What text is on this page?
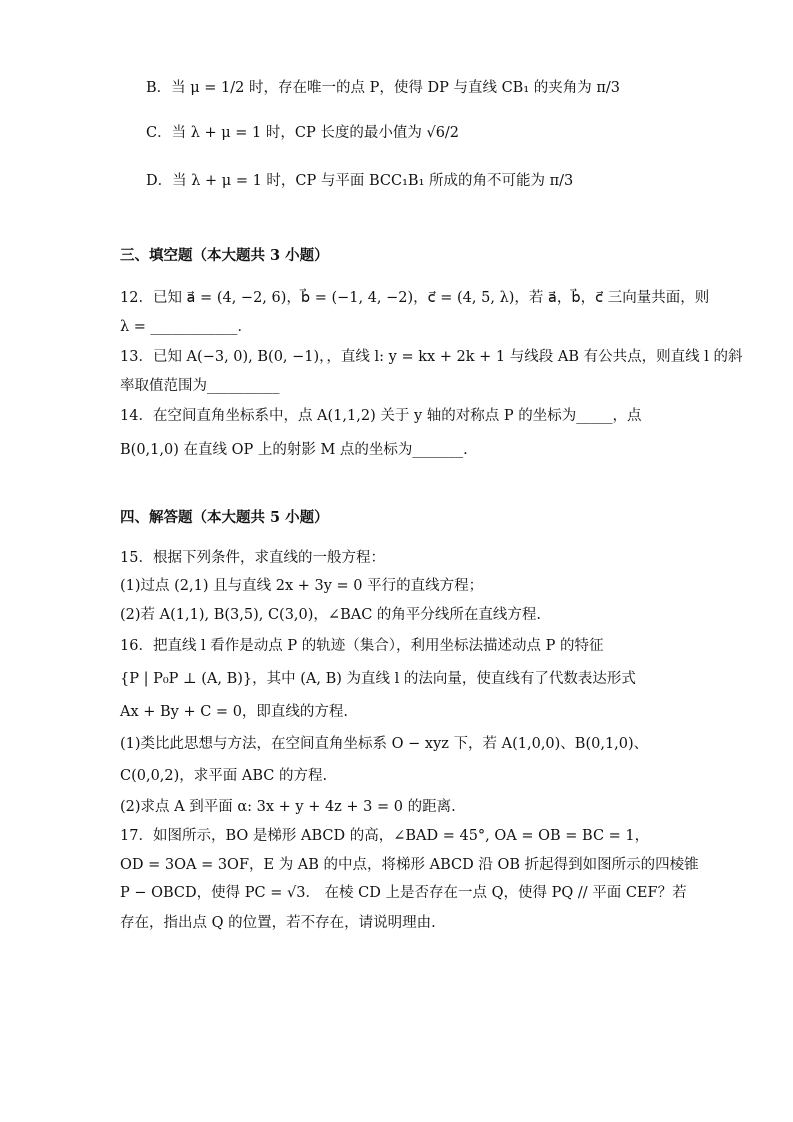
B．当 μ = 1/2 时，存在唯一的点 P，使得 DP 与直线 CB₁ 的夹角为 π/3
C．当 λ + μ = 1 时，CP 长度的最小值为 √6/2
D．当 λ + μ = 1 时，CP 与平面 BCC₁B₁ 所成的角不可能为 π/3
三、填空题（本大题共 3 小题）
12．已知 a⃗ = (4, −2, 6)，b⃗ = (−1, 4, −2)，c⃗ = (4, 5, λ)，若 a⃗，b⃗，c⃗ 三向量共面，则
λ = ____________．
13．已知 A(−3, 0), B(0, −1)，，直线 l: y = kx + 2k + 1 与线段 AB 有公共点，则直线 l 的斜
率取值范围为__________
14．在空间直角坐标系中，点 A(1,1,2) 关于 y 轴的对称点 P 的坐标为_____，点
B(0,1,0) 在直线 OP 上的射影 M 点的坐标为_______.
四、解答题（本大题共 5 小题）
15．根据下列条件，求直线的一般方程：
(1)过点 (2,1) 且与直线 2x + 3y = 0 平行的直线方程；
(2)若 A(1,1), B(3,5), C(3,0)，∠BAC 的角平分线所在直线方程.
16．把直线 l 看作是动点 P 的轨迹（集合），利用坐标法描述动点 P 的特征
{P | P₀P ⊥ (A, B)}，其中 (A, B) 为直线 l 的法向量，使直线有了代数表达形式
Ax + By + C = 0，即直线的方程.
(1)类比此思想与方法，在空间直角坐标系 O − xyz 下，若 A(1,0,0)、B(0,1,0)、
C(0,0,2)，求平面 ABC 的方程.
(2)求点 A 到平面 α: 3x + y + 4z + 3 = 0 的距离.
17．如图所示，BO 是梯形 ABCD 的高，∠BAD = 45°, OA = OB = BC = 1，
OD = 3OA = 3OF，E 为 AB 的中点，将梯形 ABCD 沿 OB 折起得到如图所示的四棱锥
P − OBCD，使得 PC = √3． 在棱 CD 上是否存在一点 Q，使得 PQ // 平面 CEF？若
存在，指出点 Q 的位置，若不存在，请说明理由.
